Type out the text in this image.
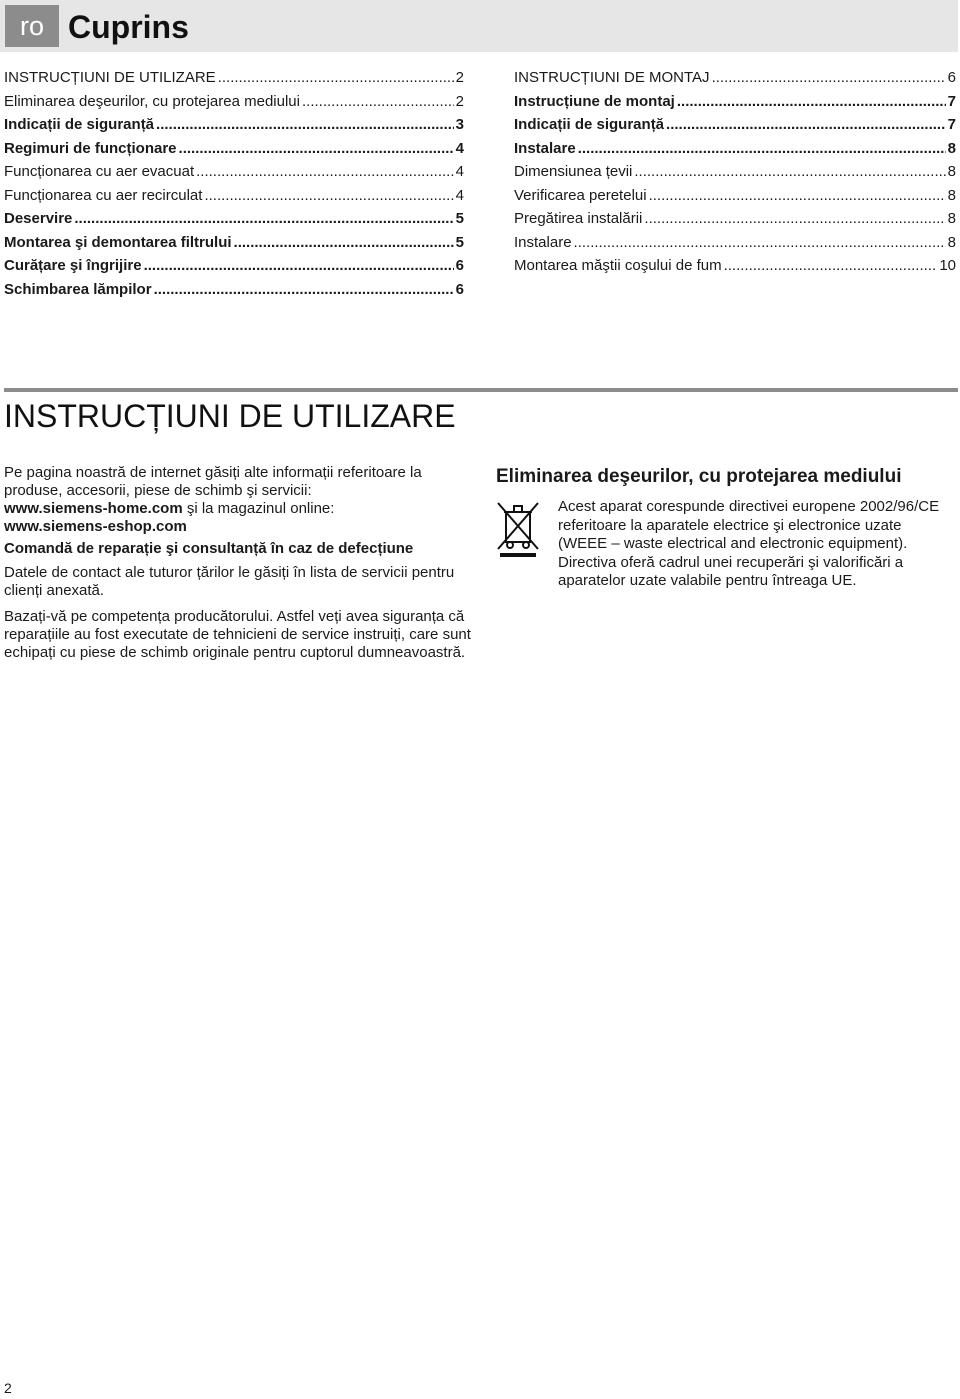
ro Cuprins
INSTRUCȚIUNI DE UTILIZARE .....	2
Eliminarea deşeurilor, cu protejarea mediului .....	2
Indicații de siguranță .....	3
Regimuri de funcționare .....	4
Funcționarea cu aer evacuat .....	4
Funcționarea cu aer recirculat .....	4
Deservire .....	5
Montarea şi demontarea filtrului .....	5
Curățare şi îngrijire .....	6
Schimbarea lămpilor .....	6
INSTRUCȚIUNI DE MONTAJ .....	6
Instrucțiune de montaj .....	7
Indicații de siguranță .....	7
Instalare .....	8
Dimensiunea țevii .....	8
Verificarea peretelui .....	8
Pregătirea instalării .....	8
Instalare .....	8
Montarea măştii coşului de fum .....	10
INSTRUCȚIUNI DE UTILIZARE

Pe pagina noastră de internet găsiți alte informații referitoare la produse, accesorii, piese de schimb şi servicii:

www.siemens-home.com şi la magazinul online:

www.siemens-eshop.com

Comandă de reparație şi consultanță în caz de defecțiune

Datele de contact ale tuturor țărilor le găsiți în lista de servicii pentru clienți anexată.

Bazați-vă pe competența producătorului. Astfel veți avea siguranța că reparațiile au fost executate de tehnicieni de service instruiți, care sunt echipați cu piese de schimb originale pentru cuptorul dumneavoastră.

Eliminarea deşeurilor, cu protejarea mediului
Acest aparat corespunde directivei europene 2002/96/CE referitoare la aparatele electrice şi electronice uzate (WEEE – waste electrical and electronic equipment). Directiva oferă cadrul unei recuperări şi valorificări a aparatelor uzate valabile pentru întreaga UE.
2
